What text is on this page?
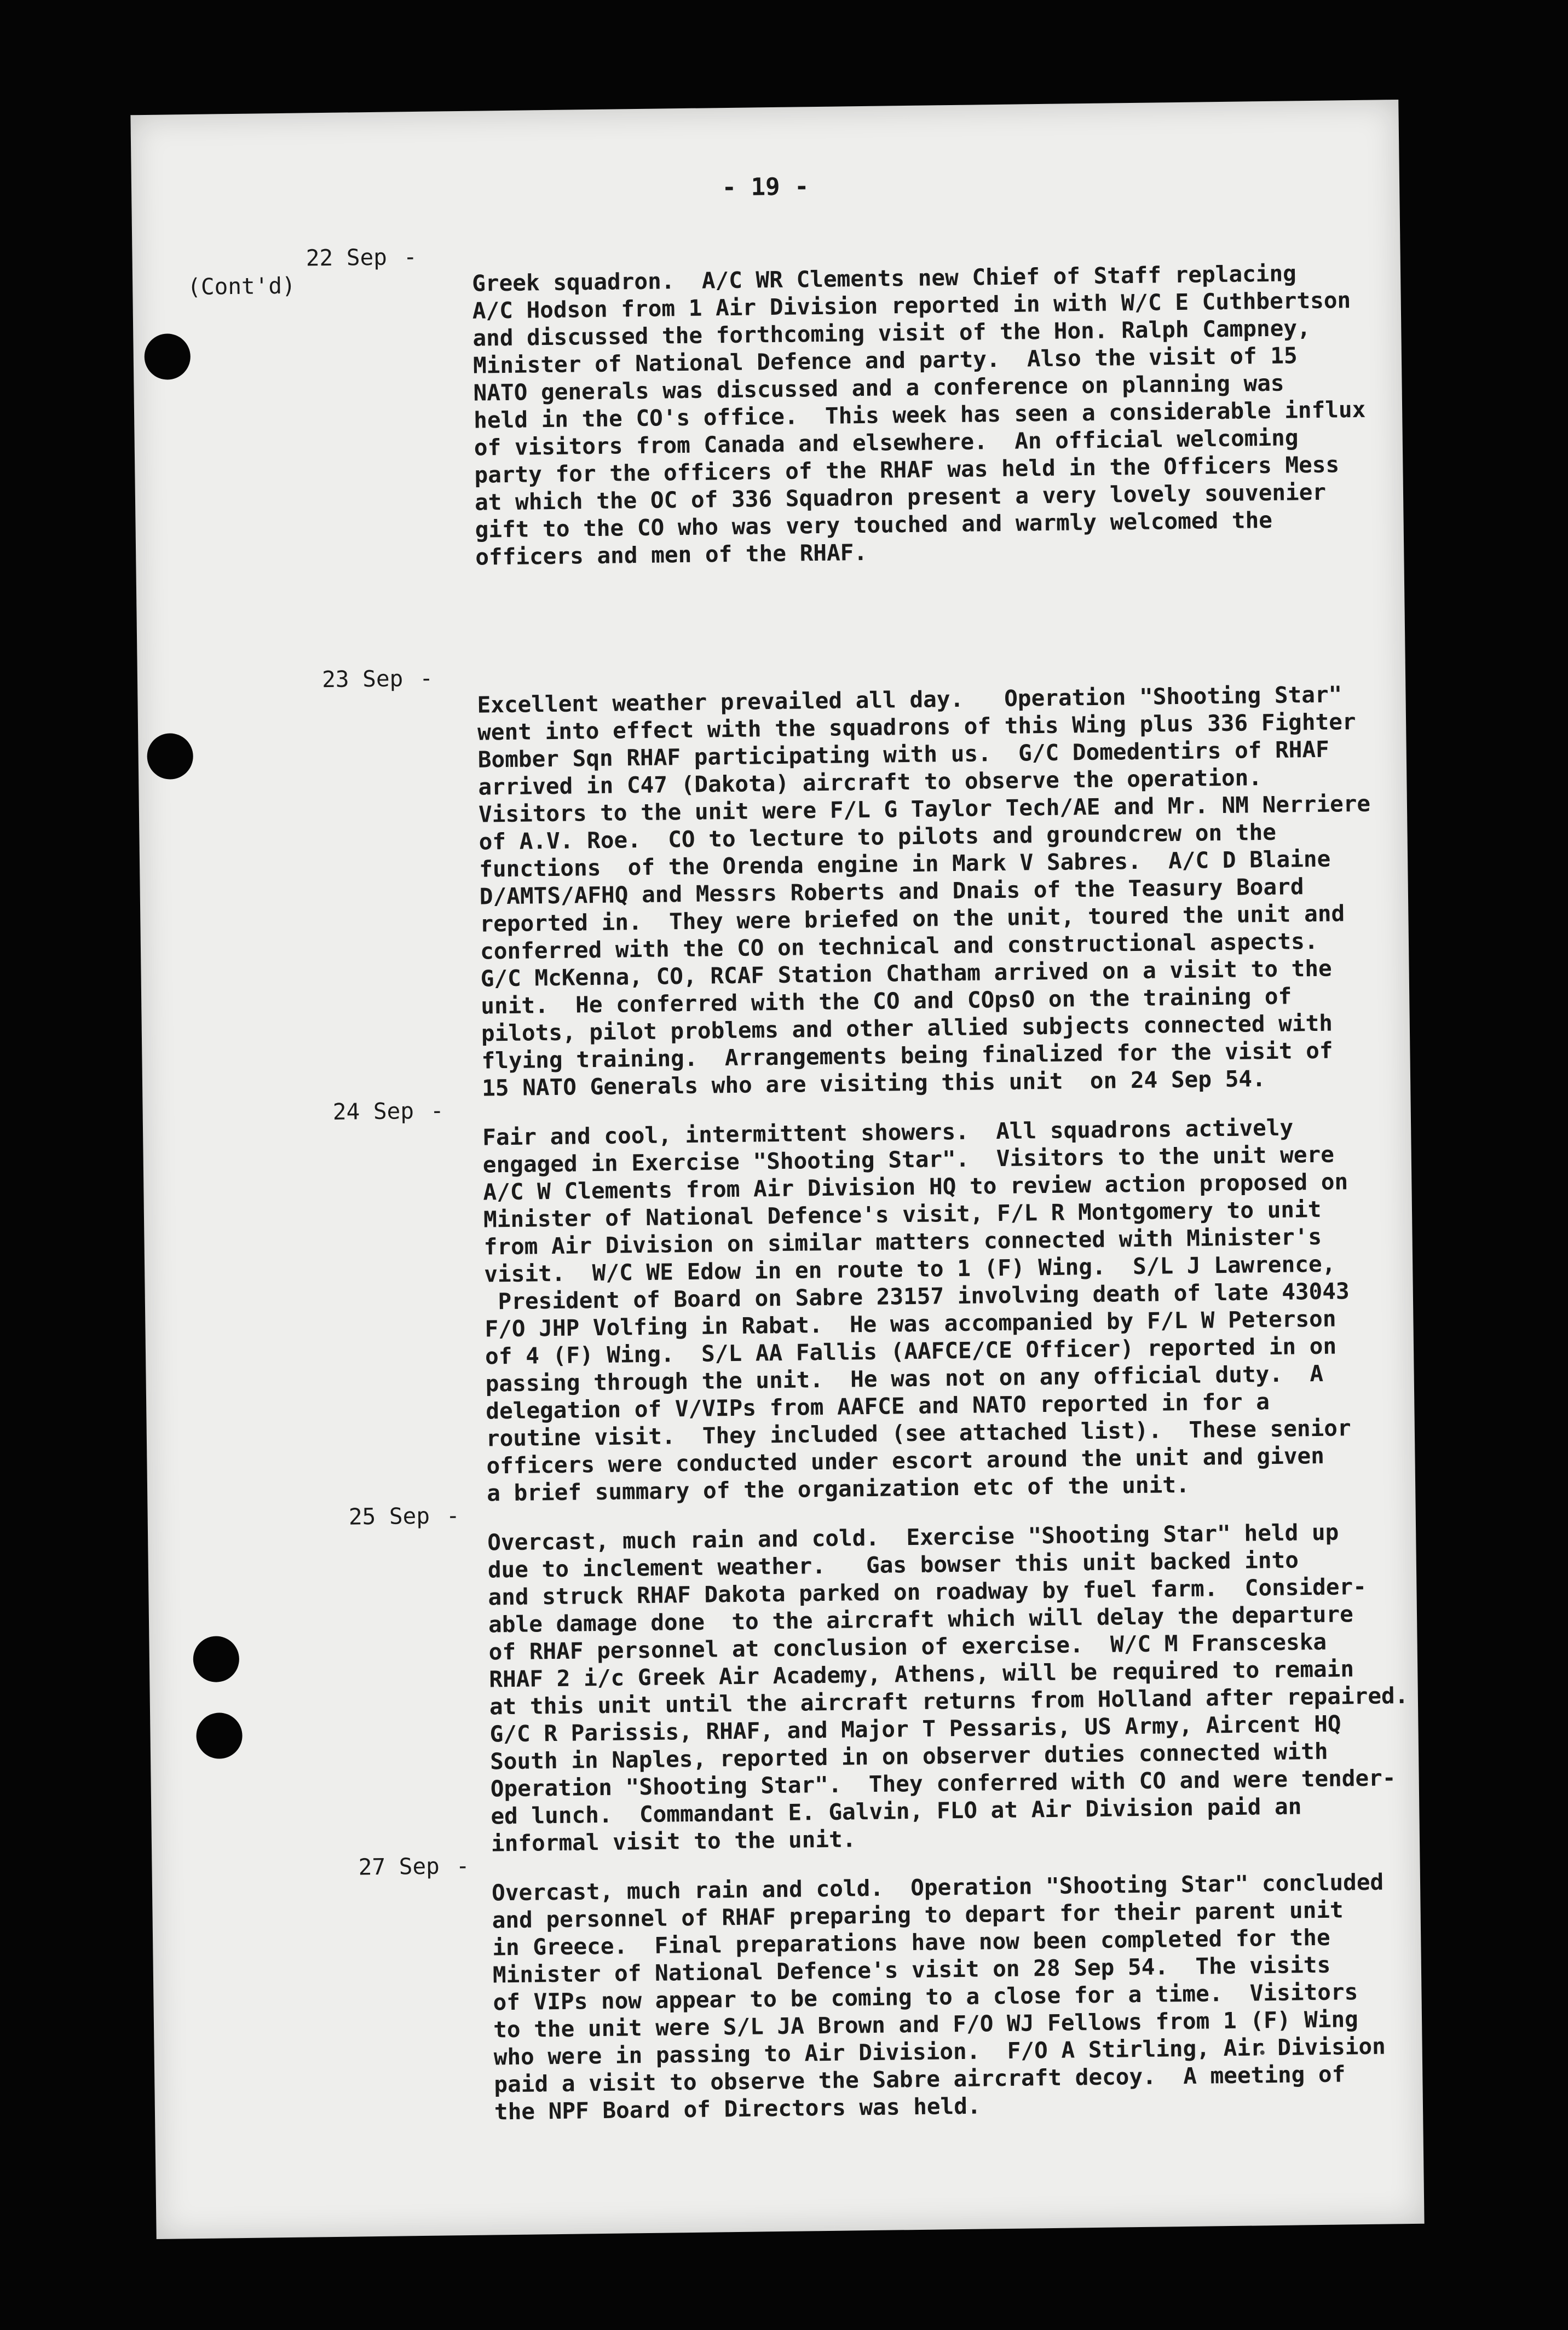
- 19 -
22 Sep -
(Cont'd)	Greek squadron.  A/C WR Clements new Chief of Staff replacing
A/C Hodson from 1 Air Division reported in with W/C E Cuthbertson
and discussed the forthcoming visit of the Hon. Ralph Campney,
Minister of National Defence and party.  Also the visit of 15
NATO generals was discussed and a conference on planning was
held in the CO's office.  This week has seen a considerable influx
of visitors from Canada and elsewhere.  An official welcoming
party for the officers of the RHAF was held in the Officers Mess
at which the OC of 336 Squadron present a very lovely souvenier
gift to the CO who was very touched and warmly welcomed the
officers and men of the RHAF.
23 Sep -

Excellent weather prevailed all day.   Operation "Shooting Star"
went into effect with the squadrons of this Wing plus 336 Fighter
Bomber Sqn RHAF participating with us.  G/C Domedentirs of RHAF
arrived in C47 (Dakota) aircraft to observe the operation.
Visitors to the unit were F/L G Taylor Tech/AE and Mr. NM Nerriere
of A.V. Roe.  CO to lecture to pilots and groundcrew on the
functions  of the Orenda engine in Mark V Sabres.  A/C D Blaine
D/AMTS/AFHQ and Messrs Roberts and Dnais of the Teasury Board
reported in.  They were briefed on the unit, toured the unit and
conferred with the CO on technical and constructional aspects.
G/C McKenna, CO, RCAF Station Chatham arrived on a visit to the
unit.  He conferred with the CO and COpsO on the training of
pilots, pilot problems and other allied subjects connected with
flying training.  Arrangements being finalized for the visit of
15 NATO Generals who are visiting this unit  on 24 Sep 54.
24 Sep -

Fair and cool, intermittent showers.  All squadrons actively
engaged in Exercise "Shooting Star".  Visitors to the unit were
A/C W Clements from Air Division HQ to review action proposed on
Minister of National Defence's visit, F/L R Montgomery to unit
from Air Division on similar matters connected with Minister's
visit.  W/C WE Edow in en route to 1 (F) Wing.  S/L J Lawrence,
President of Board on Sabre 23157 involving death of late 43043
F/O JHP Volfing in Rabat.  He was accompanied by F/L W Peterson
of 4 (F) Wing.  S/L AA Fallis (AAFCE/CE Officer) reported in on
passing through the unit.  He was not on any official duty.  A
delegation of V/VIPs from AAFCE and NATO reported in for a
routine visit.  They included (see attached list).  These senior
officers were conducted under escort around the unit and given
a brief summary of the organization etc of the unit.
25 Sep -

Overcast, much rain and cold.  Exercise "Shooting Star" held up
due to inclement weather.   Gas bowser this unit backed into
and struck RHAF Dakota parked on roadway by fuel farm.  Consider-
able damage done  to the aircraft which will delay the departure
of RHAF personnel at conclusion of exercise.  W/C M Fransceska
RHAF 2 i/c Greek Air Academy, Athens, will be required to remain
at this unit until the aircraft returns from Holland after repaired.
G/C R Parissis, RHAF, and Major T Pessaris, US Army, Aircent HQ
South in Naples, reported in on observer duties connected with
Operation "Shooting Star".  They conferred with CO and were tender-
ed lunch.  Commandant E. Galvin, FLO at Air Division paid an
informal visit to the unit.
27 Sep -

Overcast, much rain and cold.  Operation "Shooting Star" concluded
and personnel of RHAF preparing to depart for their parent unit
in Greece.  Final preparations have now been completed for the
Minister of National Defence's visit on 28 Sep 54.  The visits
of VIPs now appear to be coming to a close for a time.  Visitors
to the unit were S/L JA Brown and F/O WJ Fellows from 1 (F) Wing
who were in passing to Air Division.  F/O A Stirling, Air Division
paid a visit to observe the Sabre aircraft decoy.  A meeting of
the NPF Board of Directors was held.
